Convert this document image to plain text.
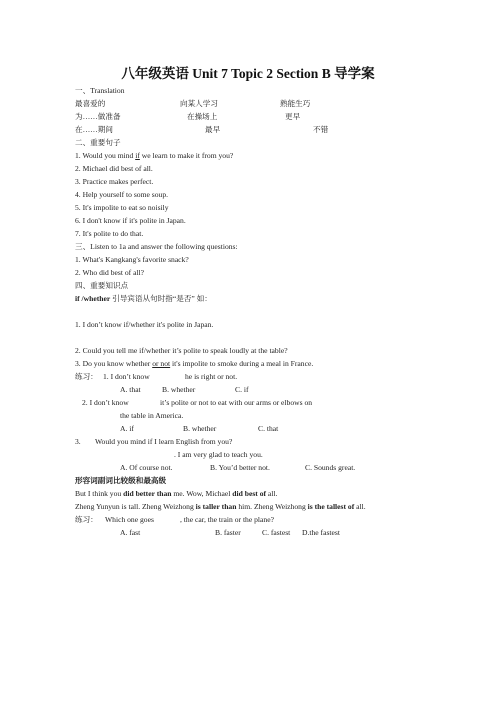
八年级英语 Unit 7 Topic 2 Section B 导学案
一、Translation
最喜爱的	向某人学习	熟能生巧
为……做准备	在操场上	更早
在……期间	最早	不错
二、重要句子
1. Would you mind if we learn to make it from you?
2. Michael did best of all.
3. Practice makes perfect.
4. Help yourself to some soup.
5. It's impolite to eat so noisily
6. I don't know if it's polite in Japan.
7. It's polite to do that.
三、Listen to 1a and answer the following questions:
1. What's Kangkang's favorite snack?
2. Who did best of all?
四、重要知识点
if /whether 引导宾语从句时指“是否” 如：
1. I don’t know if/whether it's polite in Japan.
2. Could you tell me if/whether it’s polite to speak loudly at the table?
3. Do you know whether or not it's impolite to smoke during a meal in France.
练习： 1. I don’t know	he is right or not.
A. that	B. whether	C. if
2. I don’t know	it’s polite or not to eat with our arms or elbows on
the table in America.
A. if	B. whether	C. that
3. Would you mind if I learn English from you?
. I am very glad to teach you.
A. Of course not.	B. You’d better not.	C. Sounds great.
形容词副词比较级和最高级
But I think you did better than me. Wow, Michael did best of all.
Zheng Yunyun is tall. Zheng Weizhong is taller than him. Zheng Weizhong is the tallest of all.
练习： Which one goes	, the car, the train or the plane?
A. fast	B. faster	C. fastest D.the fastest
